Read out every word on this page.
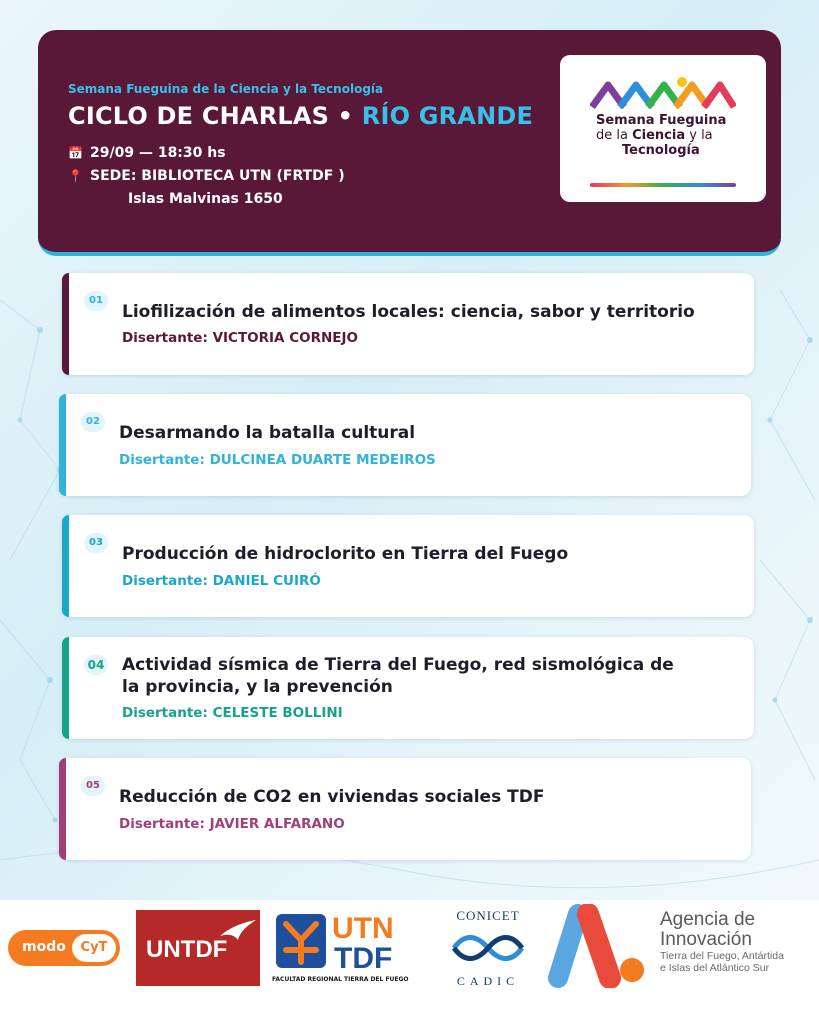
Semana Fueguina de la Ciencia y la Tecnología
CICLO DE CHARLAS • RÍO GRANDE
📅 29/09 — 18:30 hs
📍 SEDE: BIBLIOTECA UTN (FRTDF )
Islas Malvinas 1650
Semana Fueguina
de la Ciencia y la
Tecnología
01
Liofilización de alimentos locales: ciencia, sabor y territorio
Disertante: VICTORIA CORNEJO
02
Desarmando la batalla cultural
Disertante: DULCINEA DUARTE MEDEIROS
03
Producción de hidroclorito en Tierra del Fuego
Disertante: DANIEL CUIRÓ
04 Actividad sísmica de Tierra del Fuego, red sismológica de la provincia, y la prevención
Disertante: CELESTE BOLLINI
05
Reducción de CO2 en viviendas sociales TDF
Disertante: JAVIER ALFARANO
modo	CyT	UNTDF
UTN
TDF
FACULTAD REGIONAL TIERRA DEL FUEGO
CONICET
CADIC
Agencia de
Innovación
Tierra del Fuego, Antártida
e Islas del Atlántico Sur
